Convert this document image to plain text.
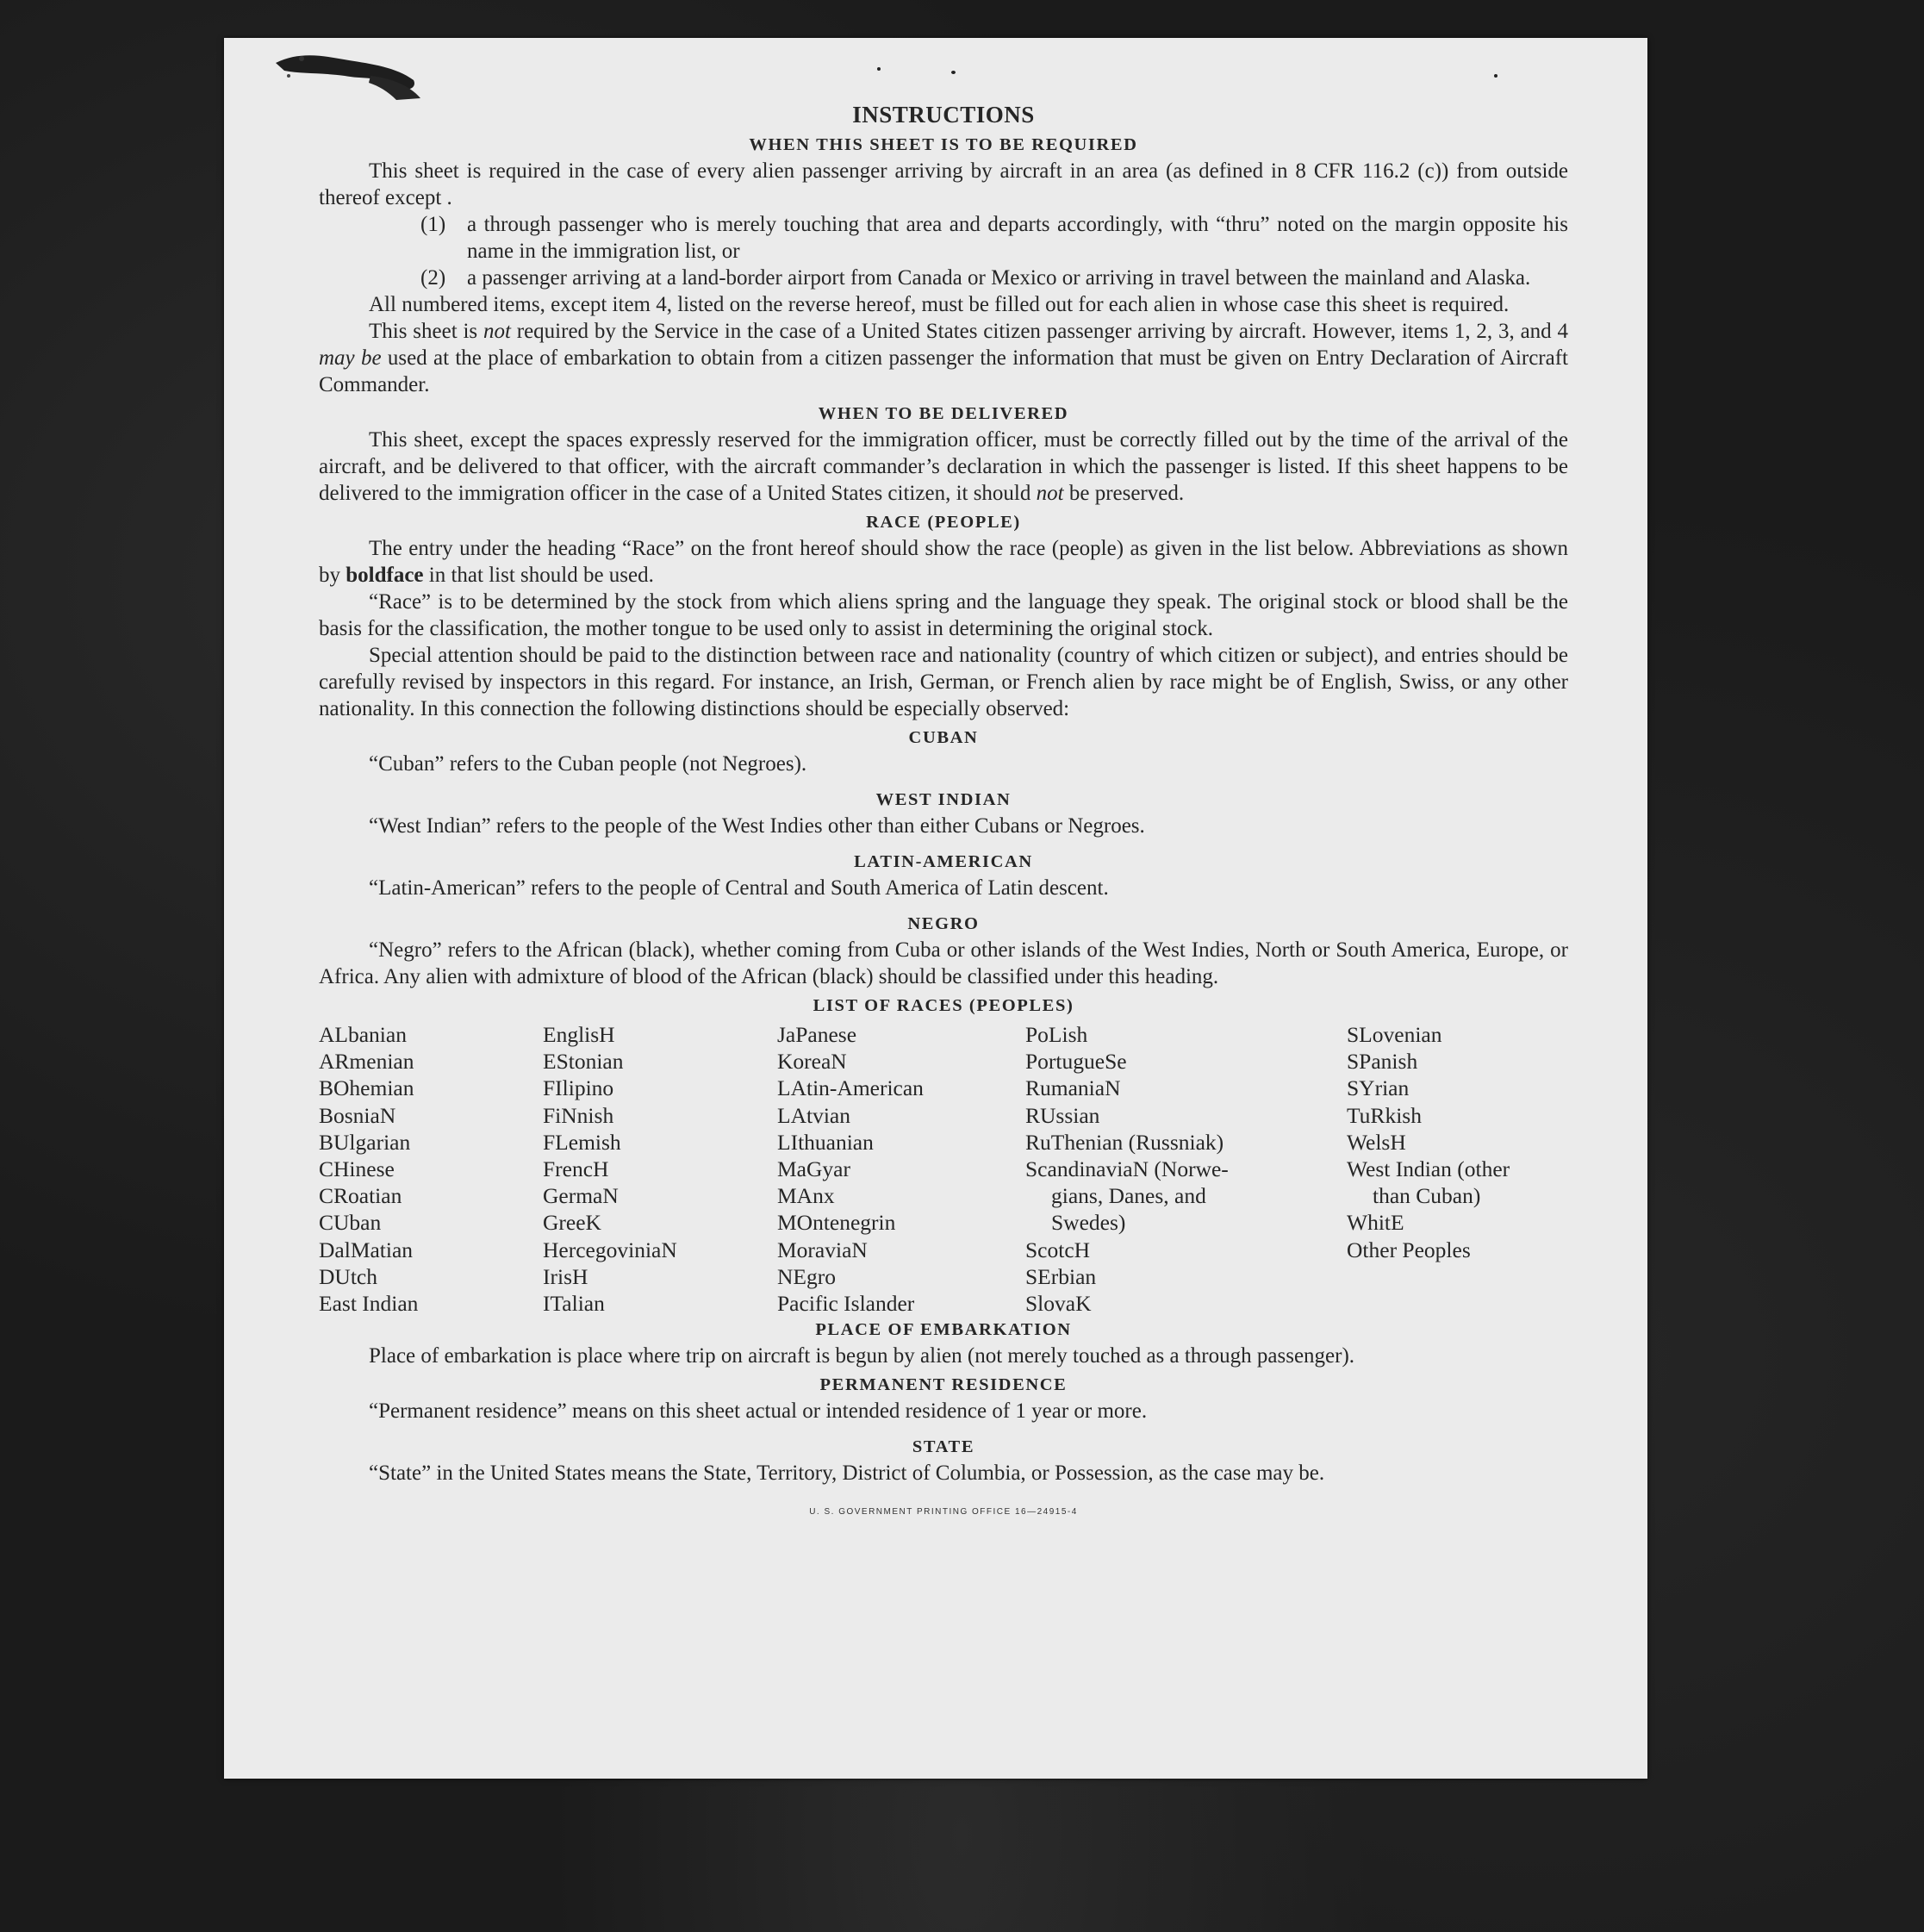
INSTRUCTIONS
WHEN THIS SHEET IS TO BE REQUIRED

This sheet is required in the case of every alien passenger arriving by aircraft in an area (as defined in 8 CFR 116.2 (c)) from outside thereof except .

(1) a through passenger who is merely touching that area and departs accordingly, with “thru” noted on the margin opposite his name in the immigration list, or
(2) a passenger arriving at a land-border airport from Canada or Mexico or arriving in travel between the mainland and Alaska.

All numbered items, except item 4, listed on the reverse hereof, must be filled out for each alien in whose case this sheet is required.

This sheet is not required by the Service in the case of a United States citizen passenger arriving by aircraft. However, items 1, 2, 3, and 4 may be used at the place of embarkation to obtain from a citizen passenger the information that must be given on Entry Declaration of Aircraft Commander.

WHEN TO BE DELIVERED

This sheet, except the spaces expressly reserved for the immigration officer, must be correctly filled out by the time of the arrival of the aircraft, and be delivered to that officer, with the aircraft commander’s declaration in which the passenger is listed. If this sheet happens to be delivered to the immigration officer in the case of a United States citizen, it should not be preserved.

RACE (PEOPLE)

The entry under the heading “Race” on the front hereof should show the race (people) as given in the list below. Abbreviations as shown by boldface in that list should be used.

“Race” is to be determined by the stock from which aliens spring and the language they speak. The original stock or blood shall be the basis for the classification, the mother tongue to be used only to assist in determining the original stock.

Special attention should be paid to the distinction between race and nationality (country of which citizen or subject), and entries should be carefully revised by inspectors in this regard. For instance, an Irish, German, or French alien by race might be of English, Swiss, or any other nationality. In this connection the following distinctions should be especially observed:

CUBAN

“Cuban” refers to the Cuban people (not Negroes).

WEST INDIAN

“West Indian” refers to the people of the West Indies other than either Cubans or Negroes.

LATIN-AMERICAN

“Latin-American” refers to the people of Central and South America of Latin descent.

NEGRO

“Negro” refers to the African (black), whether coming from Cuba or other islands of the West Indies, North or South America, Europe, or Africa. Any alien with admixture of blood of the African (black) should be classified under this heading.

LIST OF RACES (PEOPLES)
ALbanian
ARmenian
BOhemian
BosniaN
BUlgarian
CHinese
CRoatian
CUban
DalMatian
DUtch
East Indian
EnglisH
EStonian
FIlipino
FiNnish
FLemish
FrencH
GermaN
GreeK
HercegoviniaN
IrisH
ITalian
JaPanese
KoreaN
LAtin-American
LAtvian
LIthuanian
MaGyar
MAnx
MOntenegrin
MoraviaN
NEgro
Pacific Islander
PoLish
PortugueSe
RumaniaN
RUssian
RuThenian (Russniak)
ScandinaviaN (Norwe-
gians, Danes, and
Swedes)
ScotcH
SErbian
SlovaK
SLovenian
SPanish
SYrian
TuRkish
WelsH
West Indian (other
than Cuban)
WhitE
Other Peoples
PLACE OF EMBARKATION

Place of embarkation is place where trip on aircraft is begun by alien (not merely touched as a through passenger).

PERMANENT RESIDENCE

“Permanent residence” means on this sheet actual or intended residence of 1 year or more.

STATE

“State” in the United States means the State, Territory, District of Columbia, or Possession, as the case may be.

U. S. GOVERNMENT PRINTING OFFICE 16—24915-4
